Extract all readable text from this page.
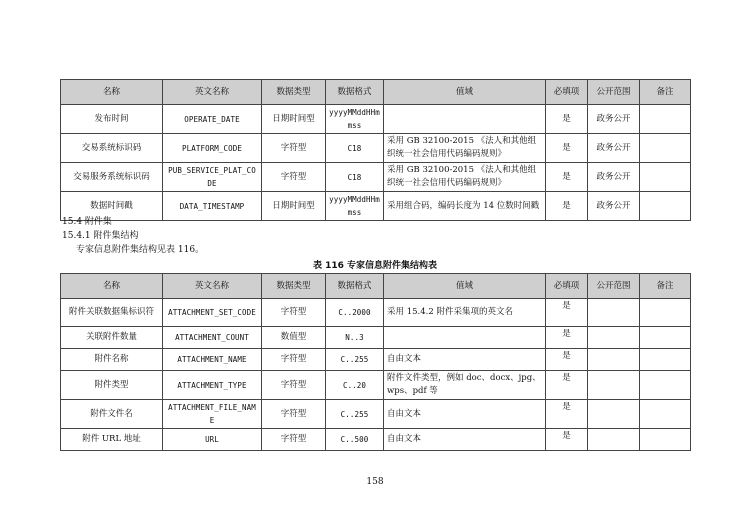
名称	英文名称	数据类型	数据格式	值域	必填项	公开范围	备注
发布时间	OPERATE_DATE	日期时间型	yyyyMMddHHmmss		是	政务公开	
交易系统标识码	PLATFORM_CODE	字符型	C18	采用 GB 32100-2015 《法人和其他组织统一社会信用代码编码规则》	是	政务公开	
交易服务系统标识码	PUB_SERVICE_PLAT_CODE	字符型	C18	采用 GB 32100-2015 《法人和其他组织统一社会信用代码编码规则》	是	政务公开	
数据时间戳	DATA_TIMESTAMP	日期时间型	yyyyMMddHHmmss	采用组合码，编码长度为 14 位数时间戳	是	政务公开	
15.4 附件集
15.4.1 附件集结构
专家信息附件集结构见表 116。
表 116 专家信息附件集结构表
名称	英文名称	数据类型	数据格式	值域	必填项	公开范围	备注
附件关联数据集标识符	ATTACHMENT_SET_CODE	字符型	C..2000	采用 15.4.2 附件采集项的英文名	是		
关联附件数量	ATTACHMENT_COUNT	数值型	N..3		是		
附件名称	ATTACHMENT_NAME	字符型	C..255	自由文本	是		
附件类型	ATTACHMENT_TYPE	字符型	C..20	附件文件类型，例如 doc、docx、jpg、wps、pdf 等	是		
附件文件名	ATTACHMENT_FILE_NAME	字符型	C..255	自由文本	是		
附件 URL 地址	URL	字符型	C..500	自由文本	是		
158
